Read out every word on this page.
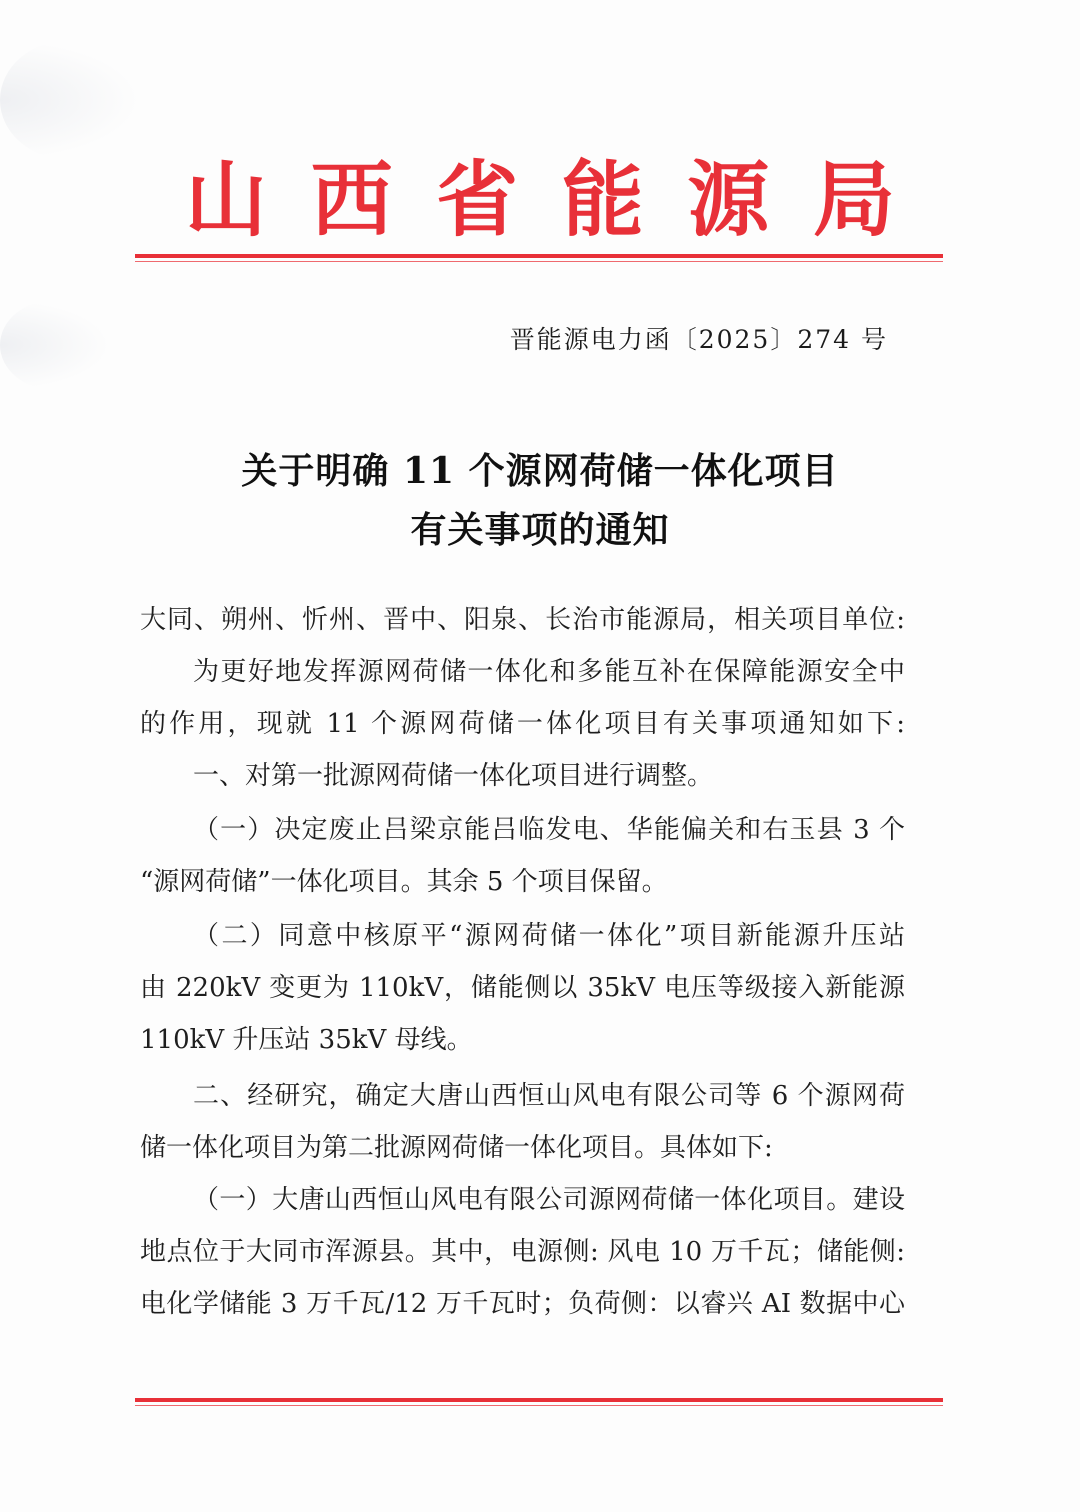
山 西 省 能 源 局
晋能源电力函〔2025〕274 号
关于明确 11 个源网荷储一体化项目
有关事项的通知
大同、朔州、忻州、晋中、阳泉、长治市能源局，相关项目单位:
为更好地发挥源网荷储一体化和多能互补在保障能源安全中
的作用，现就 11 个源网荷储一体化项目有关事项通知如下:
一、对第一批源网荷储一体化项目进行调整。
（一）决定废止吕梁京能吕临发电、华能偏关和右玉县 3 个
“源网荷储”一体化项目。其余 5 个项目保留。
（二）同意中核原平“源网荷储一体化”项目新能源升压站
由 220kV 变更为 110kV，储能侧以 35kV 电压等级接入新能源
110kV 升压站 35kV 母线。
二、经研究，确定大唐山西恒山风电有限公司等 6 个源网荷
储一体化项目为第二批源网荷储一体化项目。具体如下:
（一）大唐山西恒山风电有限公司源网荷储一体化项目。建设
地点位于大同市浑源县。其中，电源侧: 风电 10 万千瓦；储能侧:
电化学储能 3 万千瓦/12 万千瓦时；负荷侧：以睿兴 AI 数据中心
